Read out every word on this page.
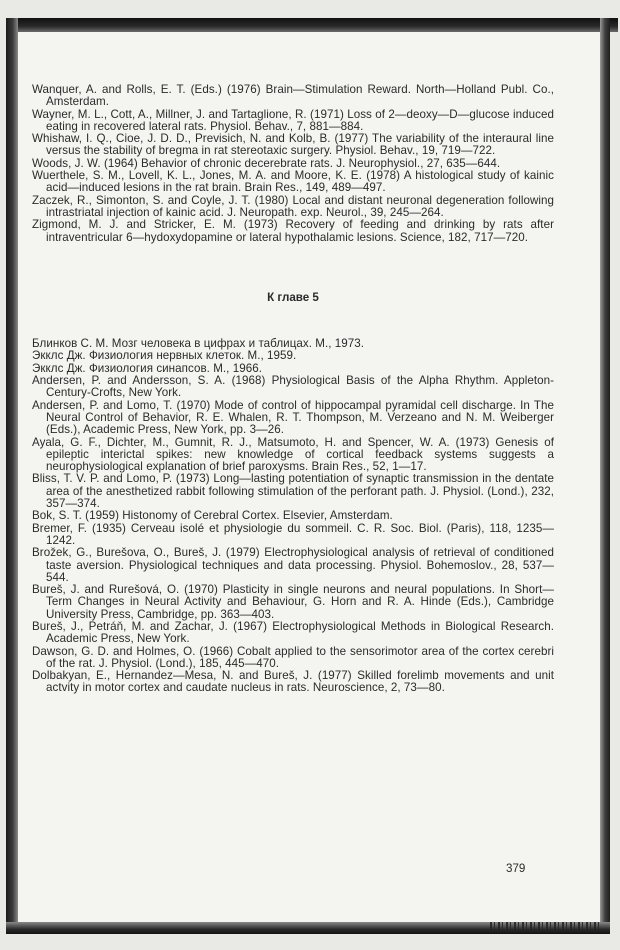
Wanquer, A. and Rolls, E. T. (Eds.) (1976) Brain—Stimulation Reward. North—Holland Publ. Co., Amsterdam.

Wayner, M. L., Cott, A., Millner, J. and Tartaglione, R. (1971) Loss of 2—deoxy—D—glucose induced eating in recovered lateral rats. Physiol. Behav., 7, 881—884.

Whishaw, I. Q., Cioe, J. D. D., Previsich, N. and Kolb, B. (1977) The variability of the interaural line versus the stability of bregma in rat stereotaxic surgery. Physiol. Behav., 19, 719—722.

Woods, J. W. (1964) Behavior of chronic decerebrate rats. J. Neurophysiol., 27, 635—644.

Wuerthele, S. M., Lovell, K. L., Jones, M. A. and Moore, K. E. (1978) A histological study of kainic acid—induced lesions in the rat brain. Brain Res., 149, 489—497.

Zaczek, R., Simonton, S. and Coyle, J. T. (1980) Local and distant neuronal degeneration following intrastriatal injection of kainic acid. J. Neuropath. exp. Neurol., 39, 245—264.

Zigmond, M. J. and Stricker, E. M. (1973) Recovery of feeding and drinking by rats after intraventricular 6—hydoxydopamine or lateral hypothalamic lesions. Science, 182, 717—720.

К главе 5

Блинков С. М. Мозг человека в цифрах и таблицах. М., 1973.

Экклс Дж. Физиология нервных клеток. М., 1959.

Экклс Дж. Физиология синапсов. М., 1966.

Andersen, P. and Andersson, S. A. (1968) Physiological Basis of the Alpha Rhythm. Appleton-Century-Crofts, New York.

Andersen, P. and Lomo, T. (1970) Mode of control of hippocampal pyramidal cell discharge. In The Neural Control of Behavior, R. E. Whalen, R. T. Thompson, M. Verzeano and N. M. Weiberger (Eds.), Academic Press, New York, pp. 3—26.

Ayala, G. F., Dichter, M., Gumnit, R. J., Matsumoto, H. and Spencer, W. A. (1973) Genesis of epileptic interictal spikes: new knowledge of cortical feedback systems suggests a neurophysiological explanation of brief paroxysms. Brain Res., 52, 1—17.

Bliss, T. V. P. and Lomo, P. (1973) Long—lasting potentiation of synaptic transmission in the dentate area of the anesthetized rabbit following stimulation of the perforant path. J. Physiol. (Lond.), 232, 357—374.

Bok, S. T. (1959) Histonomy of Cerebral Cortex. Elsevier, Amsterdam.

Bremer, F. (1935) Cerveau isolé et physiologie du sommeil. C. R. Soc. Biol. (Paris), 118, 1235—1242.

Brožek, G., Burešova, O., Bureš, J. (1979) Electrophysiological analysis of retrieval of conditioned taste aversion. Physiological techniques and data processing. Physiol. Bohemoslov., 28, 537—544.

Bureš, J. and Rurešová, O. (1970) Plasticity in single neurons and neural populations. In Short—Term Changes in Neural Activity and Behaviour, G. Horn and R. A. Hinde (Eds.), Cambridge University Press, Cambridge, pp. 363—403.

Bureš, J., Petráň, M. and Zachar, J. (1967) Electrophysiological Methods in Biological Research. Academic Press, New York.

Dawson, G. D. and Holmes, O. (1966) Cobalt applied to the sensorimotor area of the cortex cerebri of the rat. J. Physiol. (Lond.), 185, 445—470.

Dolbakyan, E., Hernandez—Mesa, N. and Bureš, J. (1977) Skilled forelimb movements and unit actvity in motor cortex and caudate nucleus in rats. Neuroscience, 2, 73—80.

379
